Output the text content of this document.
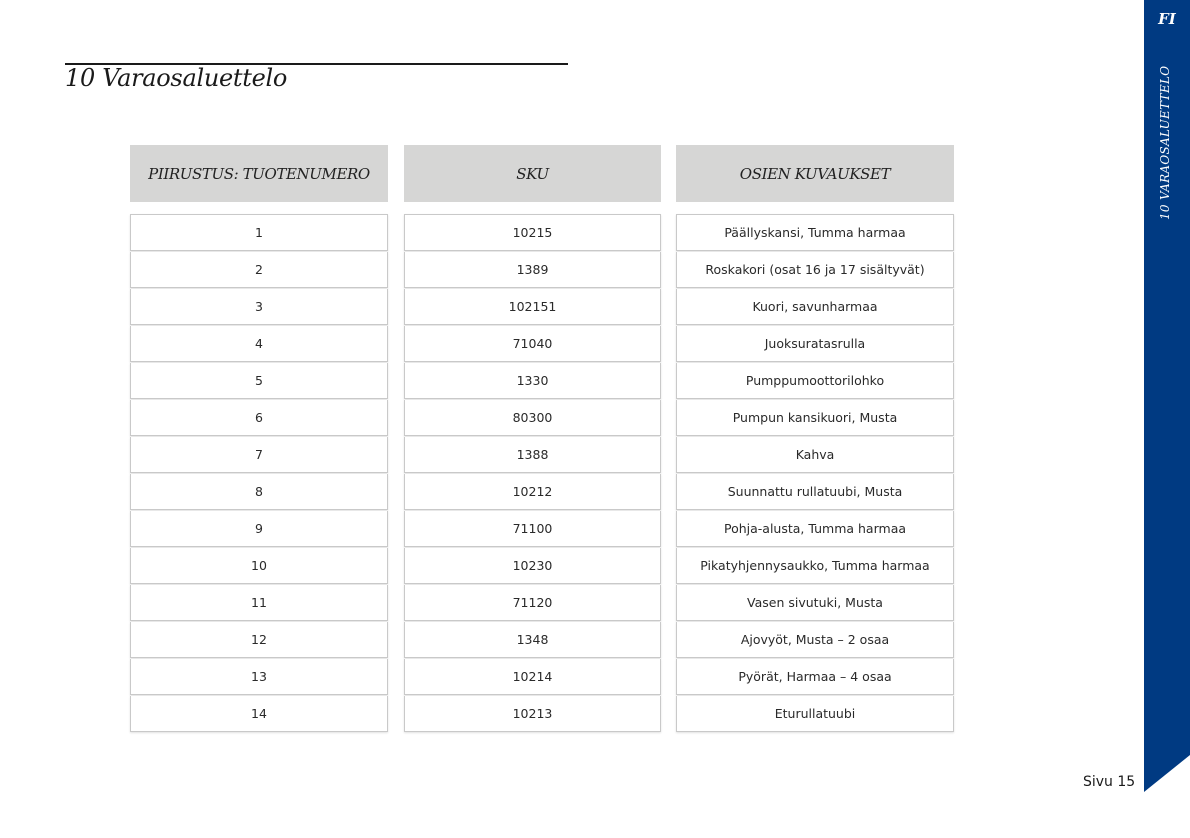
10 Varaosaluettelo
PIIRUSTUS: TUOTENUMERO
1
2
3
4
5
6
7
8
9
10
11
12
13
14
SKU
10215
1389
102151
71040
1330
80300
1388
10212
71100
10230
71120
1348
10214
10213
OSIEN KUVAUKSET
Päällyskansi, Tumma harmaa
Roskakori (osat 16 ja 17 sisältyvät)
Kuori, savunharmaa
Juoksuratasrulla
Pumppumoottorilohko
Pumpun kansikuori, Musta
Kahva
Suunnattu rullatuubi, Musta
Pohja-alusta, Tumma harmaa
Pikatyhjennysaukko, Tumma harmaa
Vasen sivutuki, Musta
Ajovyöt, Musta – 2 osaa
Pyörät, Harmaa – 4 osaa
Eturullatuubi
FI
10 VARAOSALUETTELO
Sivu 15
